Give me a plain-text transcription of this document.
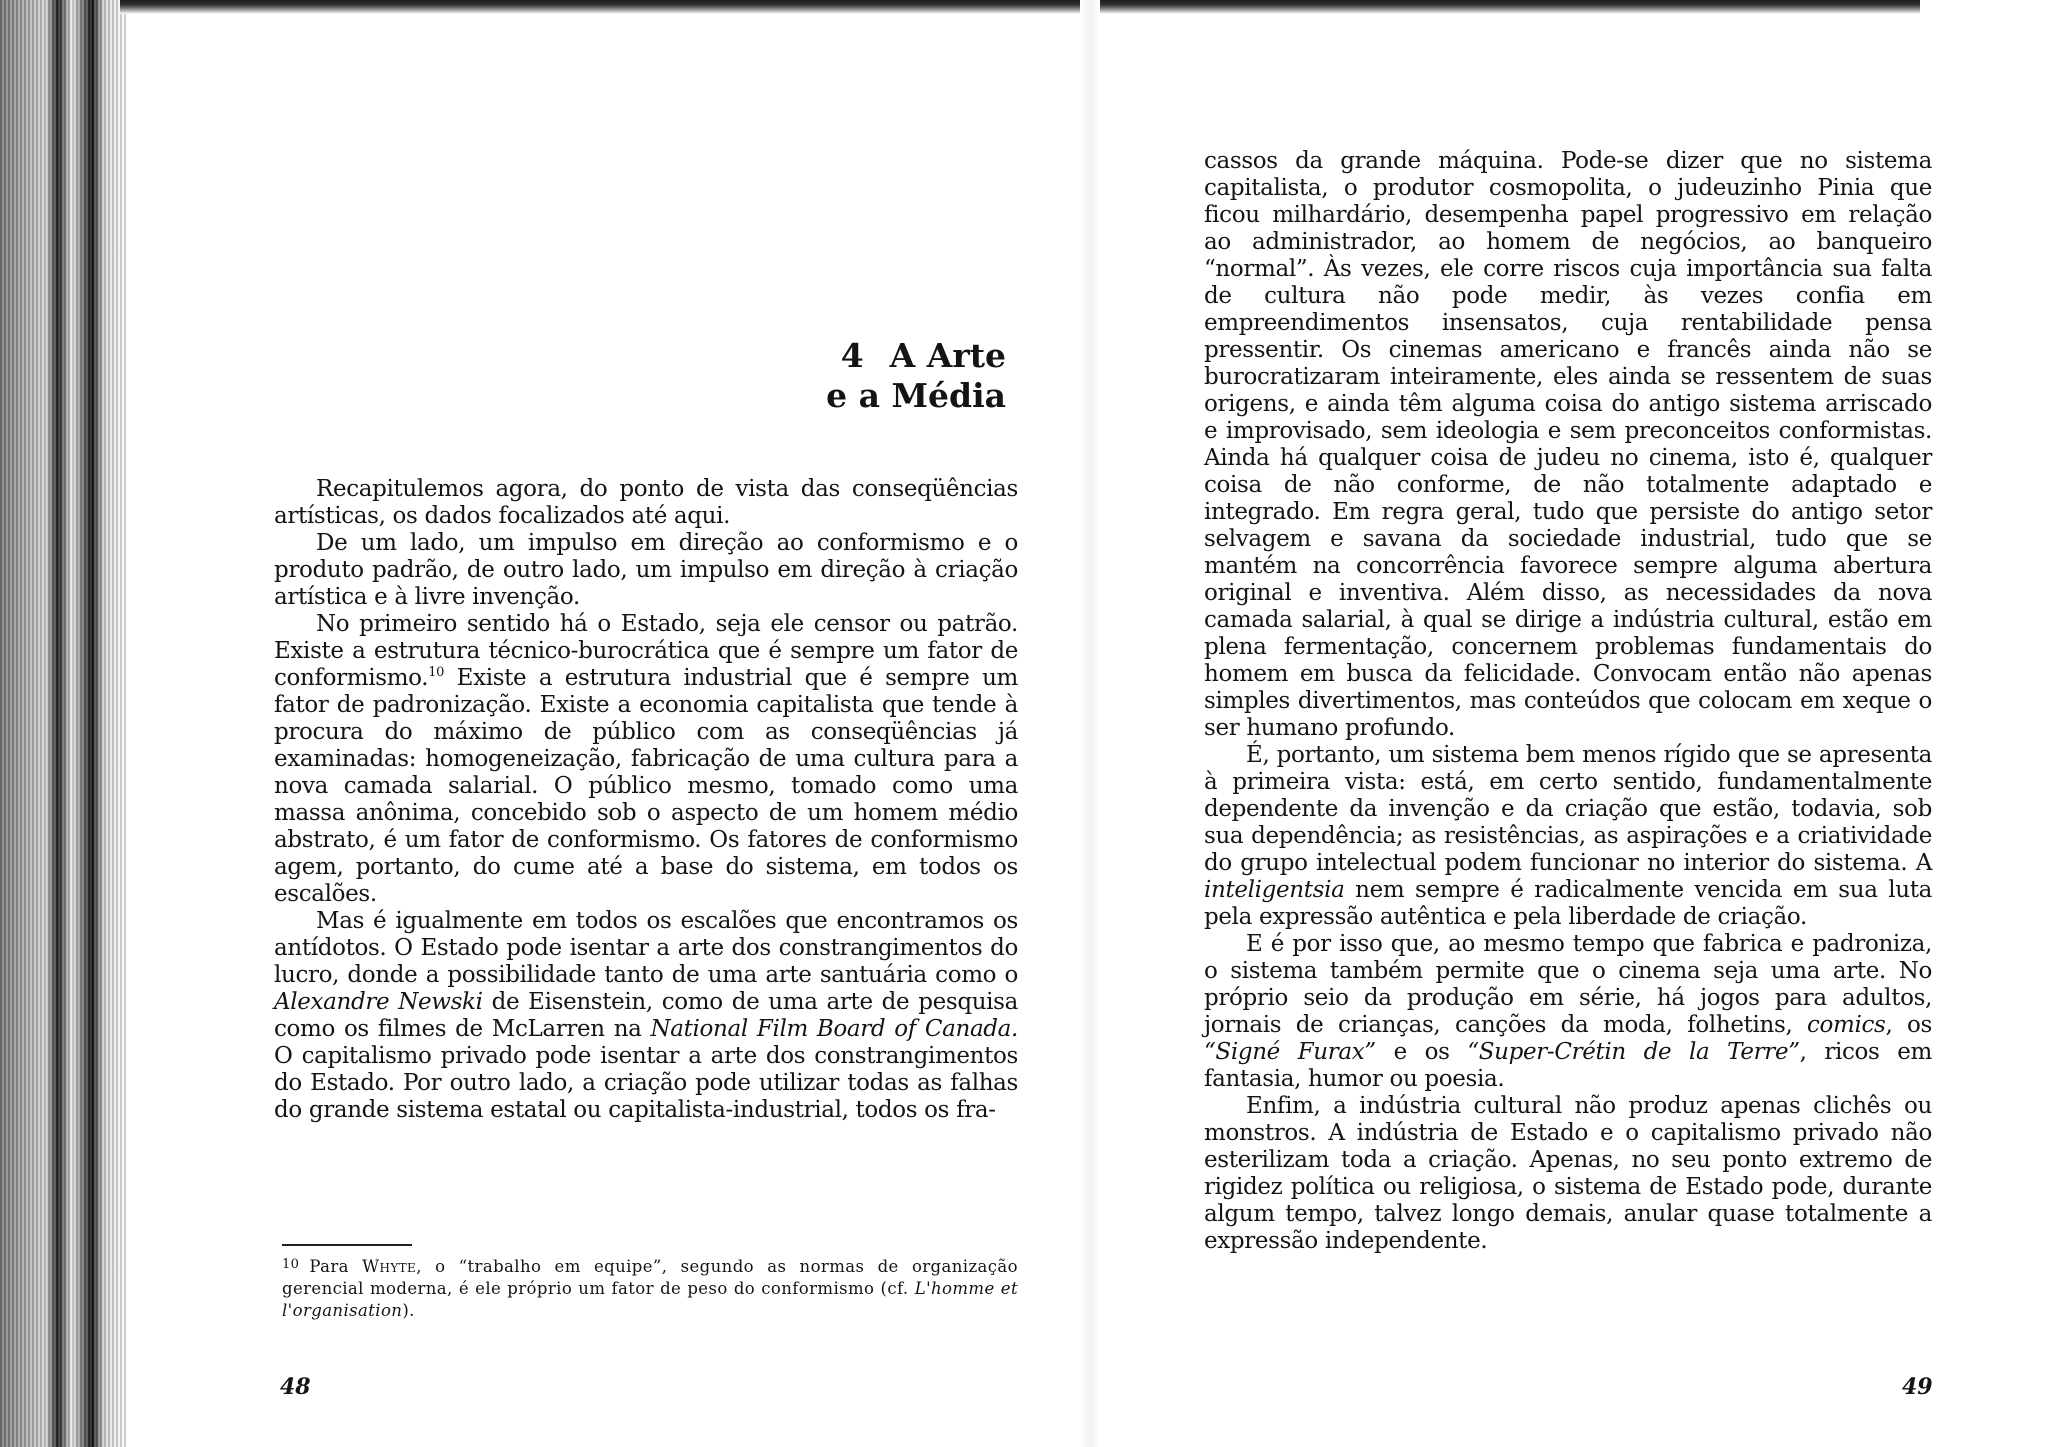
4 A Arte
e a Média

Recapitulemos agora, do ponto de vista das conseqüências artísticas, os dados focalizados até aqui.

De um lado, um impulso em direção ao conformismo e o produto padrão, de outro lado, um impulso em direção à criação artística e à livre invenção.

No primeiro sentido há o Estado, seja ele censor ou patrão. Existe a estrutura técnico-burocrática que é sempre um fator de conformismo.$^{10}$ Existe a estrutura industrial que é sempre um fator de padronização. Existe a economia capitalista que tende à procura do máximo de público com as conseqüências já examinadas: homogeneização, fabricação de uma cultura para a nova camada salarial. O público mesmo, tomado como uma massa anônima, concebido sob o aspecto de um homem médio abstrato, é um fator de conformismo. Os fatores de conformismo agem, portanto, do cume até a base do sistema, em todos os escalões.

Mas é igualmente em todos os escalões que encontramos os antídotos. O Estado pode isentar a arte dos constrangimentos do lucro, donde a possibilidade tanto de uma arte santuária como o Alexandre Newski de Eisenstein, como de uma arte de pesquisa como os filmes de McLarren na National Film Board of Canada. O capitalismo privado pode isentar a arte dos constrangimentos do Estado. Por outro lado, a criação pode utilizar todas as falhas do grande sistema estatal ou capitalista-industrial, todos os fra-

$^{10}$ Para Whyte, o “trabalho em equipe”, segundo as normas de organização gerencial moderna, é ele próprio um fator de peso do conformismo (cf. L'homme et l'organisation).
48

cassos da grande máquina. Pode-se dizer que no sistema capitalista, o produtor cosmopolita, o judeuzinho Pinia que ficou milhardário, desempenha papel progressivo em relação ao administrador, ao homem de negócios, ao banqueiro “normal”. Às vezes, ele corre riscos cuja importância sua falta de cultura não pode medir, às vezes confia em empreendimentos insensatos, cuja rentabilidade pensa pressentir. Os cinemas americano e francês ainda não se burocratizaram inteiramente, eles ainda se ressentem de suas origens, e ainda têm alguma coisa do antigo sistema arriscado e improvisado, sem ideologia e sem preconceitos conformistas. Ainda há qualquer coisa de judeu no cinema, isto é, qualquer coisa de não conforme, de não totalmente adaptado e integrado. Em regra geral, tudo que persiste do antigo setor selvagem e savana da sociedade industrial, tudo que se mantém na concorrência favorece sempre alguma abertura original e inventiva. Além disso, as necessidades da nova camada salarial, à qual se dirige a indústria cultural, estão em plena fermentação, concernem problemas fundamentais do homem em busca da felicidade. Convocam então não apenas simples divertimentos, mas conteúdos que colocam em xeque o ser humano profundo.

É, portanto, um sistema bem menos rígido que se apresenta à primeira vista: está, em certo sentido, fundamentalmente dependente da invenção e da criação que estão, todavia, sob sua dependência; as resistências, as aspirações e a criatividade do grupo intelectual podem funcionar no interior do sistema. A inteligentsia nem sempre é radicalmente vencida em sua luta pela expressão autêntica e pela liberdade de criação.

E é por isso que, ao mesmo tempo que fabrica e padroniza, o sistema também permite que o cinema seja uma arte. No próprio seio da produção em série, há jogos para adultos, jornais de crianças, canções da moda, folhetins, comics, os “Signé Furax” e os “Super-Crétin de la Terre”, ricos em fantasia, humor ou poesia.

Enfim, a indústria cultural não produz apenas clichês ou monstros. A indústria de Estado e o capitalismo privado não esterilizam toda a criação. Apenas, no seu ponto extremo de rigidez política ou religiosa, o sistema de Estado pode, durante algum tempo, talvez longo demais, anular quase totalmente a expressão independente.

49
